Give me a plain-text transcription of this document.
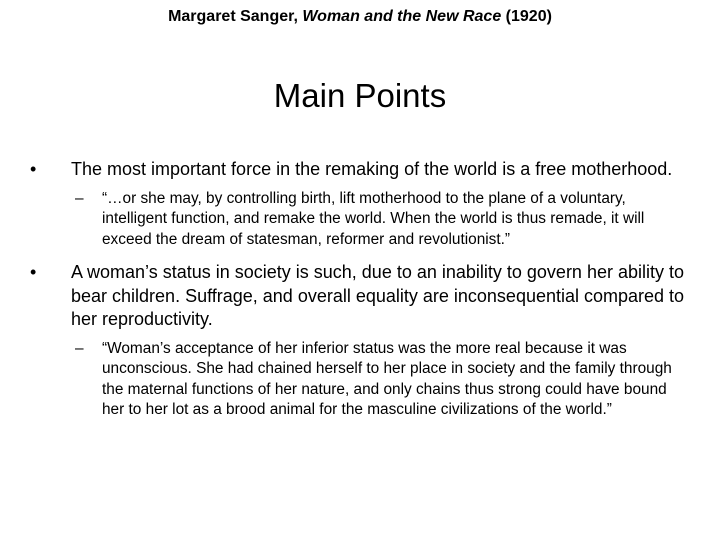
Margaret Sanger, Woman and the New Race (1920)
Main Points
• The most important force in the remaking of the world is a free motherhood.
– “…or she may, by controlling birth, lift motherhood to the plane of a voluntary, intelligent function, and remake the world. When the world is thus remade, it will exceed the dream of statesman, reformer and revolutionist.”
• A woman’s status in society is such, due to an inability to govern her ability to bear children. Suffrage, and overall equality are inconsequential compared to her reproductivity.
– “Woman’s acceptance of her inferior status was the more real because it was unconscious. She had chained herself to her place in society and the family through the maternal functions of her nature, and only chains thus strong could have bound her to her lot as a brood animal for the masculine civilizations of the world.”
